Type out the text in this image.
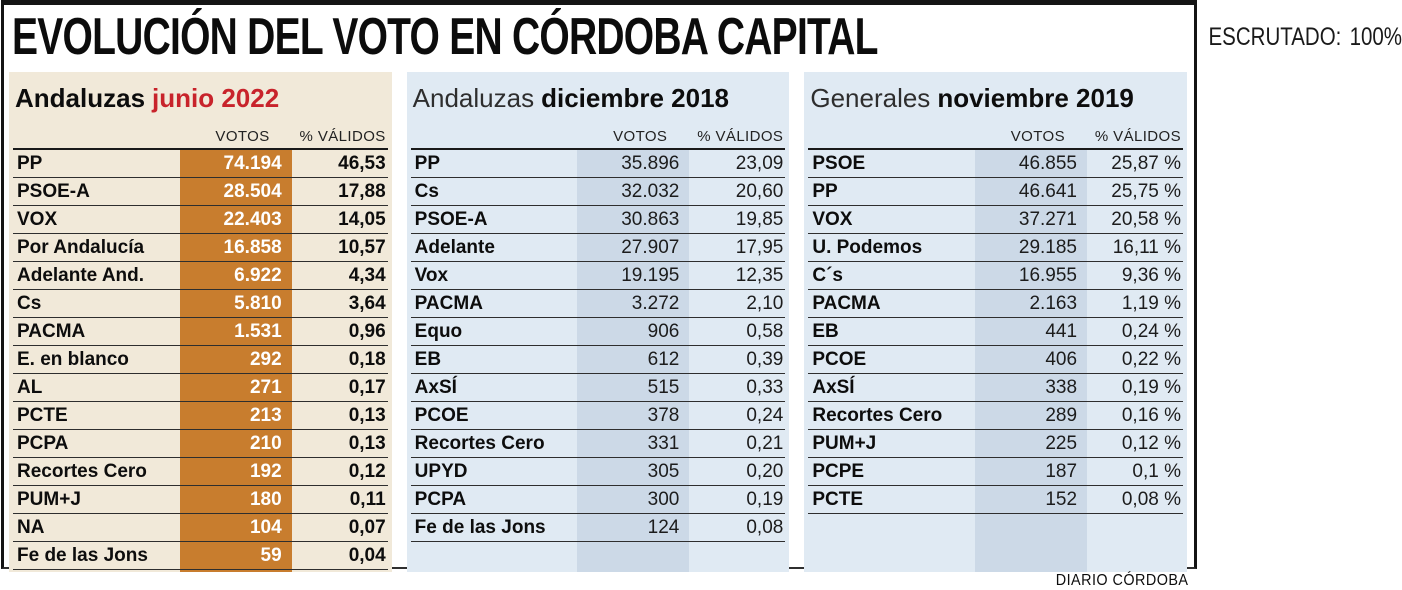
EVOLUCIÓN DEL VOTO EN CÓRDOBA CAPITAL	ESCRUTADO: 100%
Andaluzas junio 2022
VOTOS	% VÁLIDOS
PP	74.194	46,53
PSOE-A	28.504	17,88
VOX	22.403	14,05
Por Andalucía	16.858	10,57
Adelante And.	6.922	4,34
Cs	5.810	3,64
PACMA	1.531	0,96
E. en blanco	292	0,18
AL	271	0,17
PCTE	213	0,13
PCPA	210	0,13
Recortes Cero	192	0,12
PUM+J	180	0,11
NA	104	0,07
Fe de las Jons	59	0,04
Andaluzas diciembre 2018
VOTOS	% VÁLIDOS
PP	35.896	23,09
Cs	32.032	20,60
PSOE-A	30.863	19,85
Adelante	27.907	17,95
Vox	19.195	12,35
PACMA	3.272	2,10
Equo	906	0,58
EB	612	0,39
AxSÍ	515	0,33
PCOE	378	0,24
Recortes Cero	331	0,21
UPYD	305	0,20
PCPA	300	0,19
Fe de las Jons	124	0,08
Generales noviembre 2019
VOTOS	% VÁLIDOS
PSOE	46.855	25,87 %
PP	46.641	25,75 %
VOX	37.271	20,58 %
U. Podemos	29.185	16,11 %
C´s	16.955	9,36 %
PACMA	2.163	1,19 %
EB	441	0,24 %
PCOE	406	0,22 %
AxSÍ	338	0,19 %
Recortes Cero	289	0,16 %
PUM+J	225	0,12 %
PCPE	187	0,1 %
PCTE	152	0,08 %
DIARIO CÓRDOBA
